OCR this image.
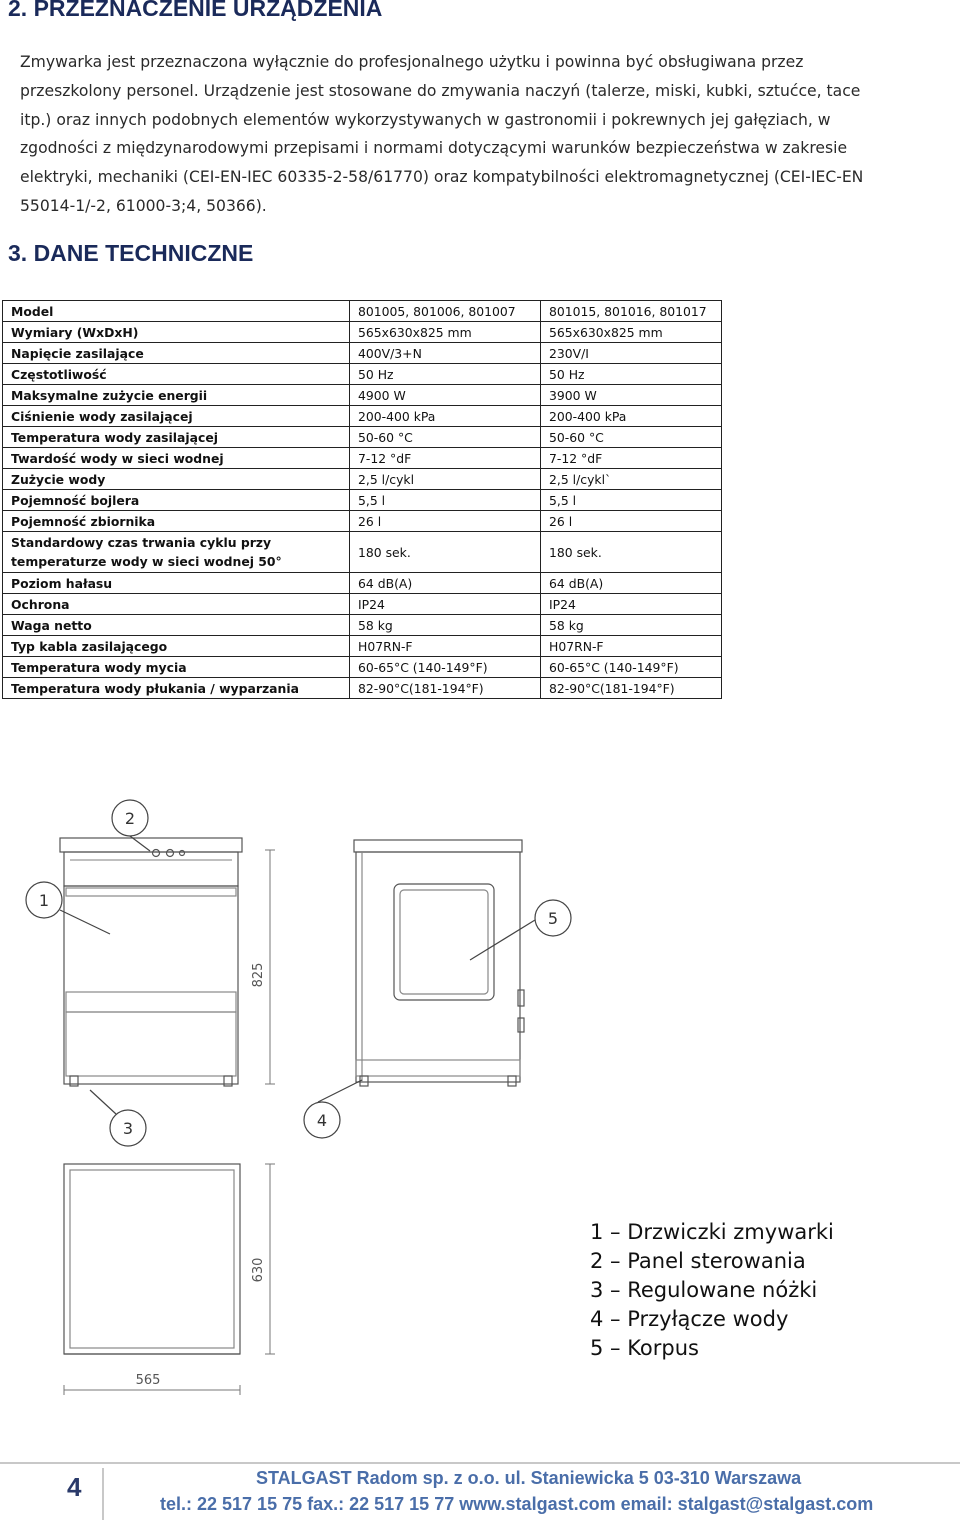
2. PRZEZNACZENIE URZĄDZENIA
Zmywarka jest przeznaczona wyłącznie do profesjonalnego użytku i powinna być obsługiwana przez
przeszkolony personel. Urządzenie jest stosowane do zmywania naczyń (talerze, miski, kubki, sztućce, tace
itp.) oraz innych podobnych elementów wykorzystywanych w gastronomii i pokrewnych jej gałęziach, w
zgodności z międzynarodowymi przepisami i normami dotyczącymi warunków bezpieczeństwa w zakresie
elektryki, mechaniki (CEI-EN-IEC 60335-2-58/61770) oraz kompatybilności elektromagnetycznej (CEI-IEC-EN
55014-1/-2, 61000-3;4, 50366).
3. DANE TECHNICZNE
Model	801005, 801006, 801007	801015, 801016, 801017
Wymiary (WxDxH)	565x630x825 mm	565x630x825 mm
Napięcie zasilające	400V/3+N	230V/I
Częstotliwość	50 Hz	50 Hz
Maksymalne zużycie energii	4900 W	3900 W
Ciśnienie wody zasilającej	200-400 kPa	200-400 kPa
Temperatura wody zasilającej	50-60 °C	50-60 °C
Twardość wody w sieci wodnej	7-12 °dF	7-12 °dF
Zużycie wody	2,5 l/cykl	2,5 l/cykl`
Pojemność bojlera	5,5 l	5,5 l
Pojemność zbiornika	26 l	26 l
Standardowy czas trwania cyklu przy temperaturze wody w sieci wodnej 50°	180 sek.	180 sek.
Poziom hałasu	64 dB(A)	64 dB(A)
Ochrona	IP24	IP24
Waga netto	58 kg	58 kg
Typ kabla zasilającego	H07RN-F	H07RN-F
Temperatura wody mycia	60-65°C (140-149°F)	60-65°C (140-149°F)
Temperatura wody płukania / wyparzania	82-90°C(181-194°F)	82-90°C(181-194°F)
2
1
3	4
5
825
630
565
1 – Drzwiczki zmywarki
2 – Panel sterowania
3 – Regulowane nóżki
4 – Przyłącze wody
5 – Korpus
4	STALGAST Radom sp. z o.o. ul. Staniewicka 5 03-310 Warszawa
tel.: 22 517 15 75 fax.: 22 517 15 77 www.stalgast.com email: stalgast@stalgast.com
